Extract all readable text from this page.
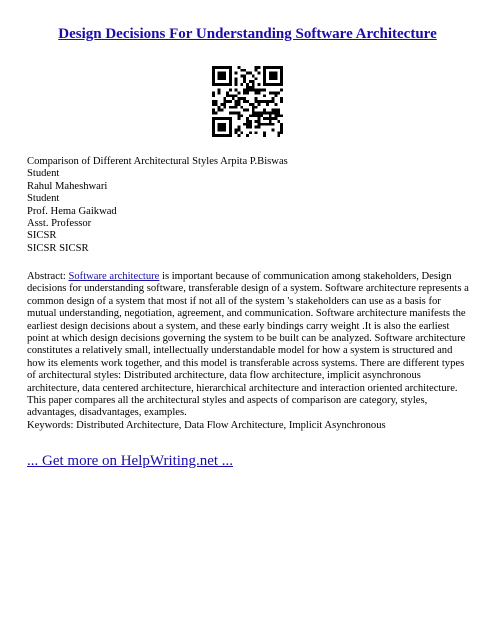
Design Decisions For Understanding Software Architecture
Comparison of Different Architectural Styles Arpita P.Biswas
Student
Rahul Maheshwari
Student
Prof. Hema Gaikwad
Asst. Professor
SICSR
SICSR SICSR
Abstract: Software architecture is important because of communication among stakeholders, Design decisions for understanding software, transferable design of a system. Software architecture represents a common design of a system that most if not all of the system 's stakeholders can use as a basis for mutual understanding, negotiation, agreement, and communication. Software architecture manifests the earliest design decisions about a system, and these early bindings carry weight .It is also the earliest point at which design decisions governing the system to be built can be analyzed. Software architecture constitutes a relatively small, intellectually understandable model for how a system is structured and how its elements work together, and this model is transferable across systems. There are different types of architectural styles: Distributed architecture, data flow architecture, implicit asynchronous architecture, data centered architecture, hierarchical architecture and interaction oriented architecture. This paper compares all the architectural styles and aspects of comparison are category, styles, advantages, disadvantages, examples.
Keywords: Distributed Architecture, Data Flow Architecture, Implicit Asynchronous
... Get more on HelpWriting.net ...
